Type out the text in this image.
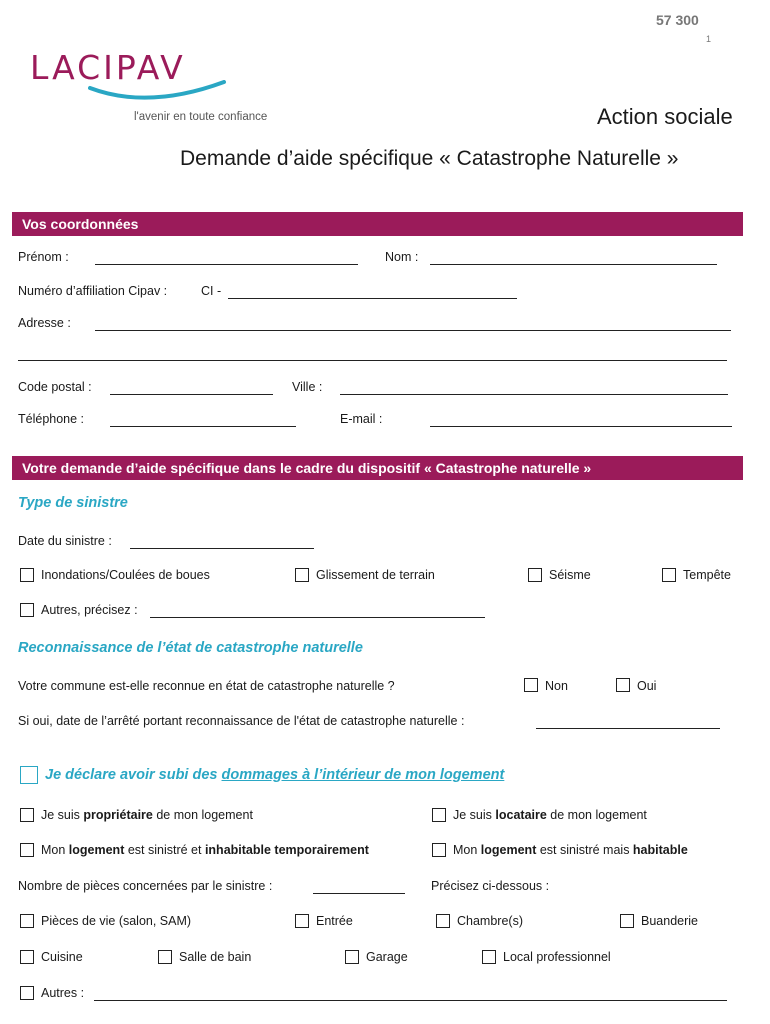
57 300
1
LACIPAV
l'avenir en toute confiance	Action sociale
Demande d’aide spécifique « Catastrophe Naturelle »
Vos coordonnées
Prénom :	Nom :
Numéro d’affiliation Cipav :	CI -
Adresse :
Code postal :	Ville :
Téléphone :	E-mail :
Votre demande d’aide spécifique dans le cadre du dispositif « Catastrophe naturelle »
Type de sinistre
Date du sinistre :
Inondations/Coulées de boues	Glissement de terrain	Séisme	Tempête
Autres, précisez :
Reconnaissance de l’état de catastrophe naturelle
Votre commune est-elle reconnue en état de catastrophe naturelle ?	Non	Oui
Si oui, date de l’arrêté portant reconnaissance de l'état de catastrophe naturelle :
Je déclare avoir subi des dommages à l’intérieur de mon logement
Je suis propriétaire de mon logement	Je suis locataire de mon logement
Mon logement est sinistré et inhabitable temporairement	Mon logement est sinistré mais habitable
Nombre de pièces concernées par le sinistre :	Précisez ci-dessous :
Pièces de vie (salon, SAM)	Entrée	Chambre(s)	Buanderie
Cuisine	Salle de bain	Garage	Local professionnel
Autres :
